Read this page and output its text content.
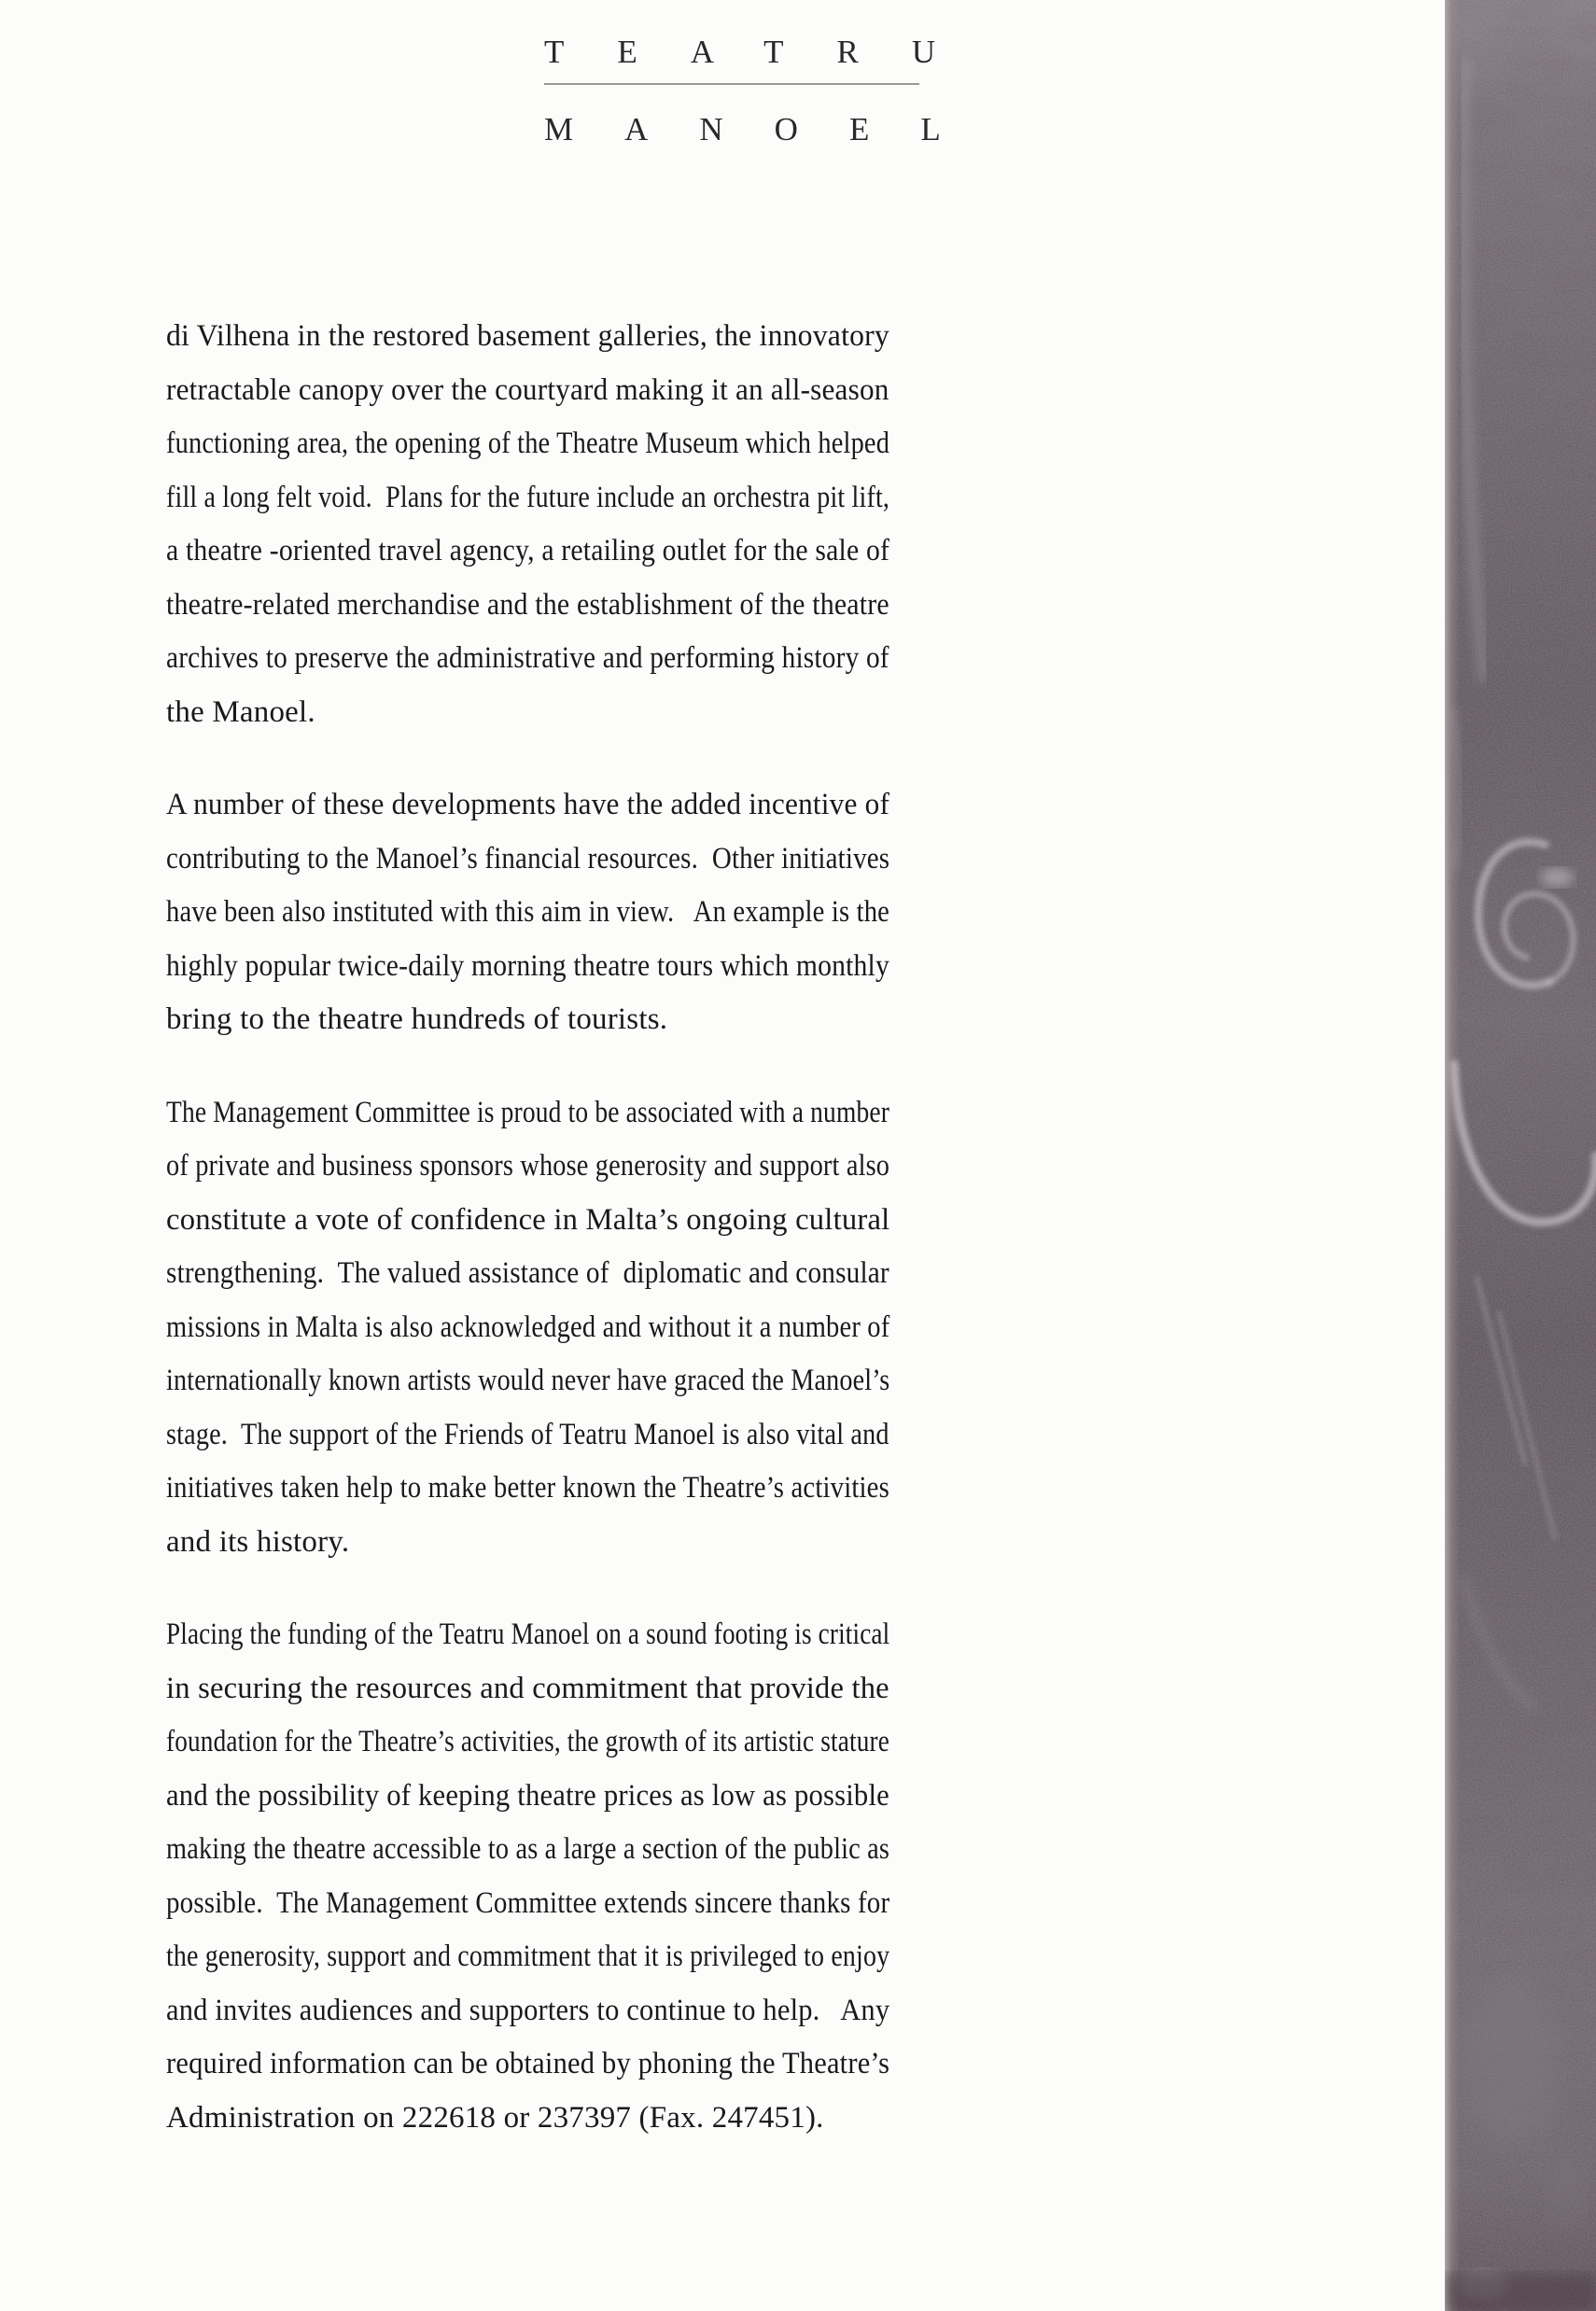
TEATRU
MANOEL
di Vilhena in the restored basement galleries, the innovatory
retractable canopy over the courtyard making it an all-season
functioning area, the opening of the Theatre Museum which helped
fill a long felt void.  Plans for the future include an orchestra pit lift,
a theatre -oriented travel agency, a retailing outlet for the sale of
theatre-related merchandise and the establishment of the theatre
archives to preserve the administrative and performing history of
the Manoel.
A number of these developments have the added incentive of
contributing to the Manoel’s financial resources.  Other initiatives
have been also instituted with this aim in view.   An example is the
highly popular twice-daily morning theatre tours which monthly
bring to the theatre hundreds of tourists.
The Management Committee is proud to be associated with a number
of private and business sponsors whose generosity and support also
constitute a vote of confidence in Malta’s ongoing cultural
strengthening.  The valued assistance of  diplomatic and consular
missions in Malta is also acknowledged and without it a number of
internationally known artists would never have graced the Manoel’s
stage.  The support of the Friends of Teatru Manoel is also vital and
initiatives taken help to make better known the Theatre’s activities
and its history.
Placing the funding of the Teatru Manoel on a sound footing is critical
in securing the resources and commitment that provide the
foundation for the Theatre’s activities, the growth of its artistic stature
and the possibility of keeping theatre prices as low as possible
making the theatre accessible to as a large a section of the public as
possible.  The Management Committee extends sincere thanks for
the generosity, support and commitment that it is privileged to enjoy
and invites audiences and supporters to continue to help.   Any
required information can be obtained by phoning the Theatre’s
Administration on 222618 or 237397 (Fax. 247451).
